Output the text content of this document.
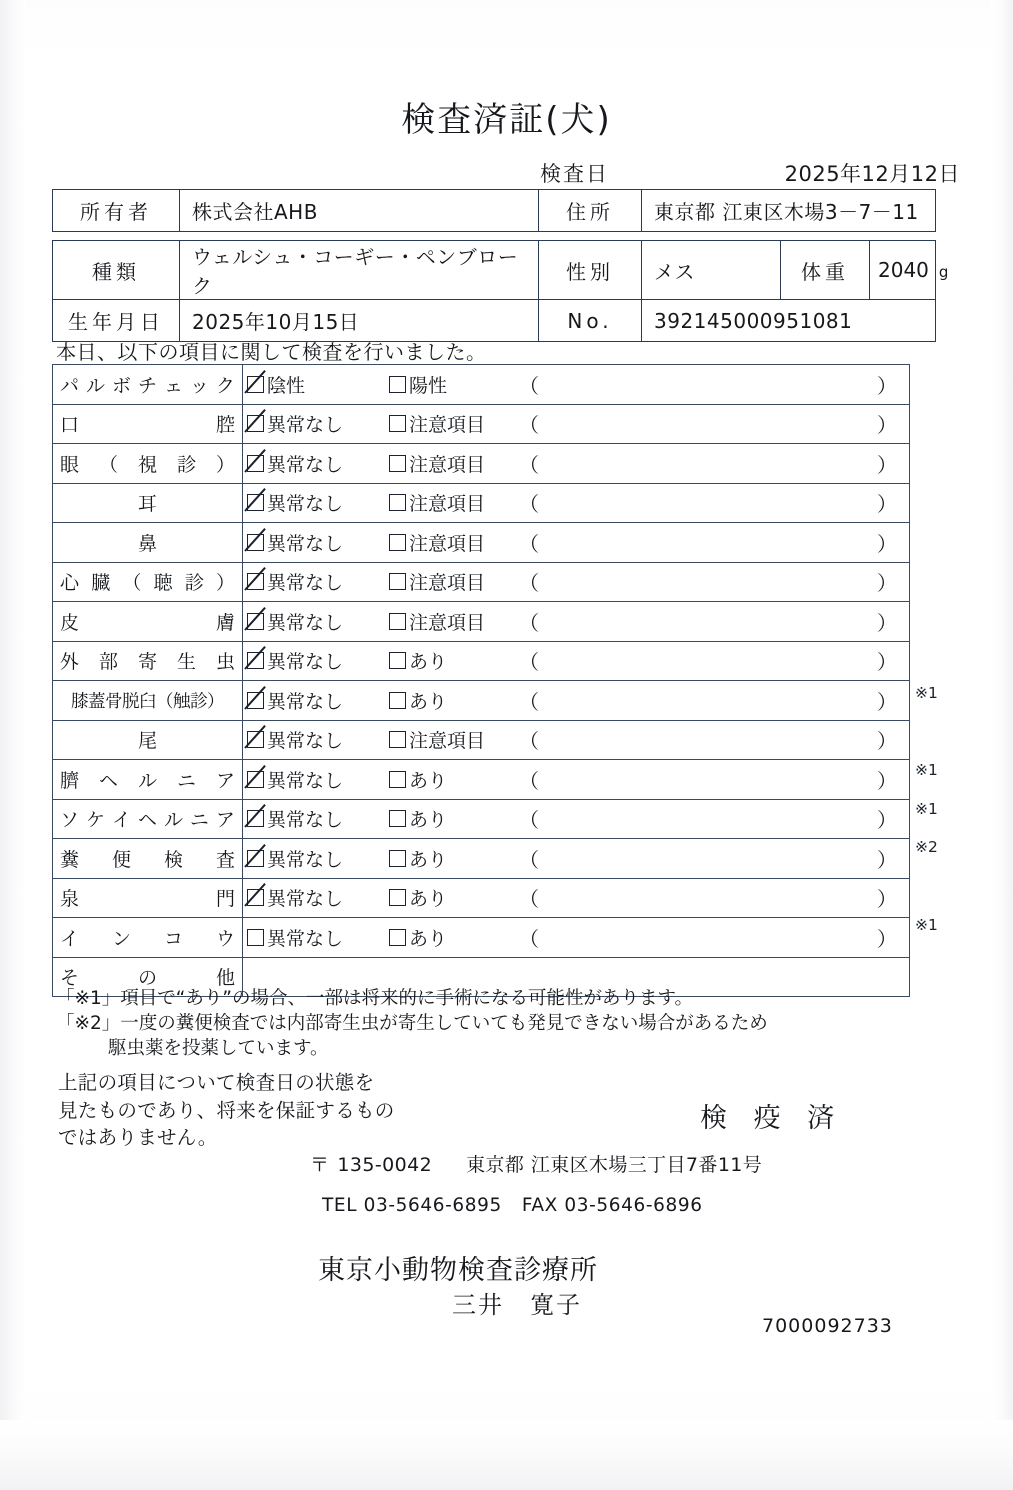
検査済証(犬)
検査日	2025年12月12日
所有者	株式会社AHB	住所	東京都 江東区木場3－7－11
種類	ウェルシュ・コーギー・ペンブローク	性別	メス	体重	2040 g
生年月日	2025年10月15日	No.	392145000951081		
本日、以下の項目に関して検査を行いました。
パ ル ボ チ ェ ッ ク	陰性	陽性	（	）

口 腔	異常なし 注意項目 （ ）

眼 （ 視 診 ）	異常なし 注意項目 （ ）

耳	異常なし 注意項目 （ ）

鼻	異常なし 注意項目 （ ）

心 臓 （ 聴 診 ）	異常なし	注意項目 （	）

皮 膚	異常なし 注意項目 （ ）

外 部 寄 生 虫	異常なし あり （ ）

膝蓋骨脱臼（触診）	異常なし あり （ ）

尾	異常なし 注意項目 （ ）

臍 ヘ ル ニ ア	異常なし あり （ ）

ソ ケ イ ヘ ル ニ ア	異常なし	あり	（	）

糞 便 検 査	異常なし あり （ ）

泉 門	異常なし あり （ ）

イ ン コ ウ	異常なし あり （ ）

そ の 他	

※1
※1
※1
※2
※1
「※1」項目で“あり”の場合、一部は将来的に手術になる可能性があります。
「※2」一度の糞便検査では内部寄生虫が寄生していても発見できない場合があるため
駆虫薬を投薬しています。
上記の項目について検査日の状態を
見たものであり、将来を保証するもの
ではありません。
検 疫 済
〒 135-0042 東京都 江東区木場三丁目7番11号
TEL 03-5646-6895 FAX 03-5646-6896
東京小動物検査診療所
三井　寛子
7000092733
